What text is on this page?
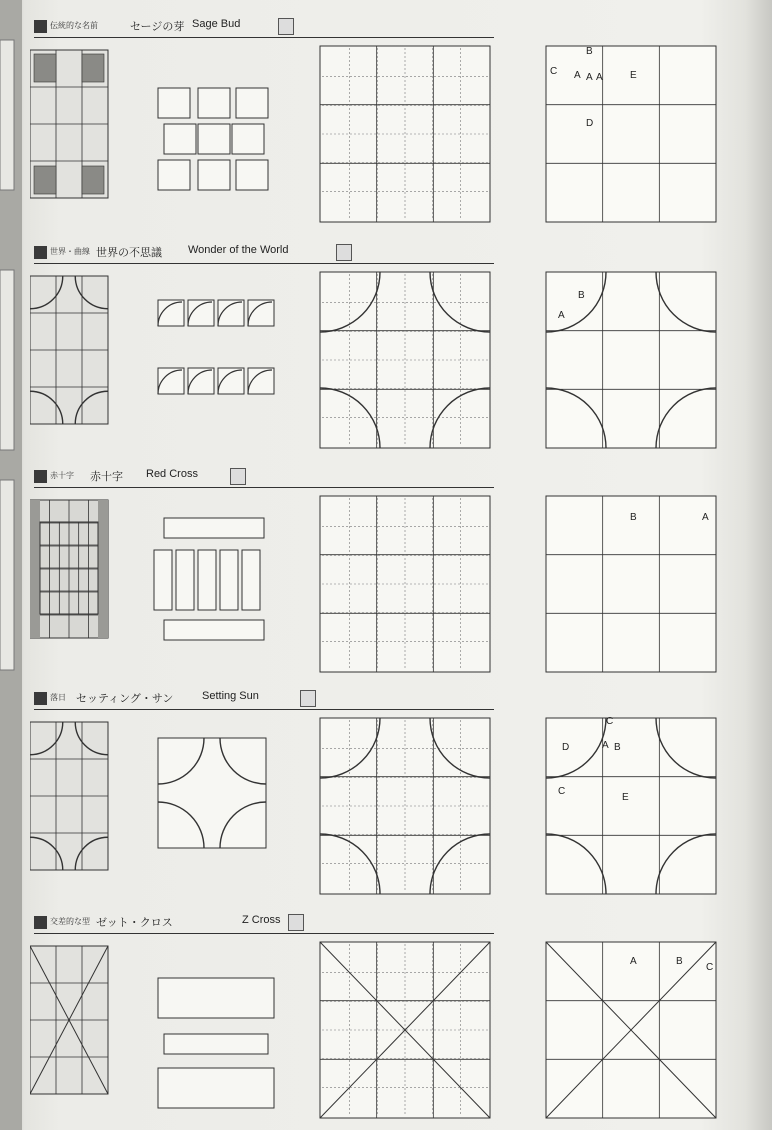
伝統的な名前	セージの芽 Sage Bud
B
C A A A	E
D
世界・曲線 世界の不思議 Wonder of the World
B
A
赤十字 赤十字 Red Cross
B	A
落日 セッティング・サン	Setting Sun
C
A B
D
E
C
交差的な型 ゼット・クロス	Z Cross
A	B
C
